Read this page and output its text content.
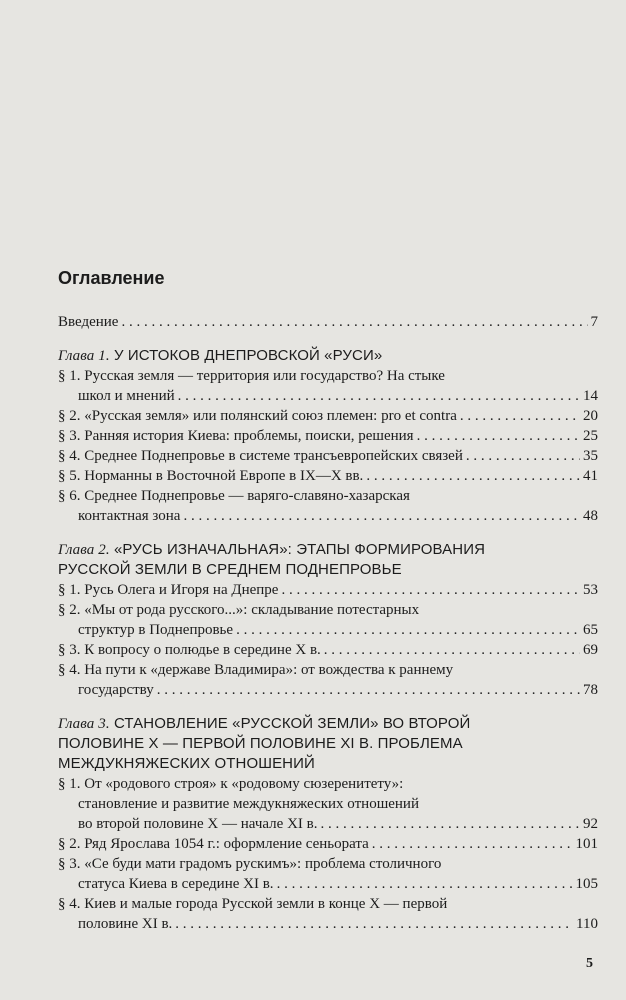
Оглавление
Введение . . .	7
Глава 1. У ИСТОКОВ ДНЕПРОВСКОЙ «РУСИ»
§ 1. Русская земля — территория или государство? На стыке
школ и мнений . . .	14
§ 2. «Русская земля» или полянский союз племен: pro et contra . . .	20
§ 3. Ранняя история Киева: проблемы, поиски, решения . . .	25
§ 4. Среднее Поднепровье в системе трансъевропейских связей . . .	35
§ 5. Норманны в Восточной Европе в IX—X вв. . . .	41
§ 6. Среднее Поднепровье — варяго-славяно-хазарская
контактная зона . . .	48
Глава 2. «РУСЬ ИЗНАЧАЛЬНАЯ»: ЭТАПЫ ФОРМИРОВАНИЯ
РУССКОЙ ЗЕМЛИ В СРЕДНЕМ ПОДНЕПРОВЬЕ
§ 1. Русь Олега и Игоря на Днепре . . .	53
§ 2. «Мы от рода русского...»: складывание потестарных
структур в Поднепровье . . .	65
§ 3. К вопросу о полюдье в середине X в. . . .	69
§ 4. На пути к «державе Владимира»: от вождества к раннему
государству . . .	78
Глава 3. СТАНОВЛЕНИЕ «РУССКОЙ ЗЕМЛИ» ВО ВТОРОЙ
ПОЛОВИНЕ X — ПЕРВОЙ ПОЛОВИНЕ XI В. ПРОБЛЕМА
МЕЖДУКНЯЖЕСКИХ ОТНОШЕНИЙ
§ 1. От «родового строя» к «родовому сюзеренитету»:
становление и развитие междукняжеских отношений
во второй половине X — начале XI в. . . .	92
§ 2. Ряд Ярослава 1054 г.: оформление сеньората . . .	101
§ 3. «Се буди мати градомъ рускимъ»: проблема столичного
статуса Киева в середине XI в. . . .	105
§ 4. Киев и малые города Русской земли в конце X — первой
половине XI в. . . .	110
5
